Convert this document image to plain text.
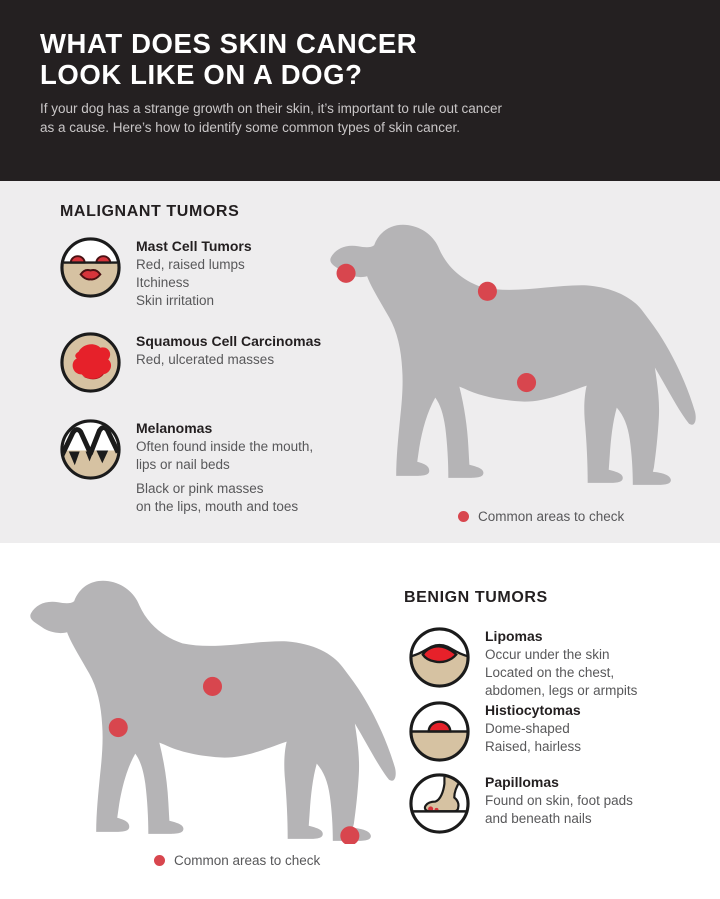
WHAT DOES SKIN CANCER
LOOK LIKE ON A DOG?
If your dog has a strange growth on their skin, it’s important to rule out cancer
as a cause. Here’s how to identify some common types of skin cancer.
MALIGNANT TUMORS
Mast Cell Tumors
Red, raised lumps
Itchiness
Skin irritation
Squamous Cell Carcinomas
Red, ulcerated masses
Melanomas
Often found inside the mouth,
lips or nail beds
Black or pink masses
on the lips, mouth and toes
Common areas to check
BENIGN TUMORS
Lipomas
Occur under the skin
Located on the chest,
abdomen, legs or armpits
Histiocytomas
Dome-shaped
Raised, hairless
Papillomas
Found on skin, foot pads
and beneath nails
Common areas to check
